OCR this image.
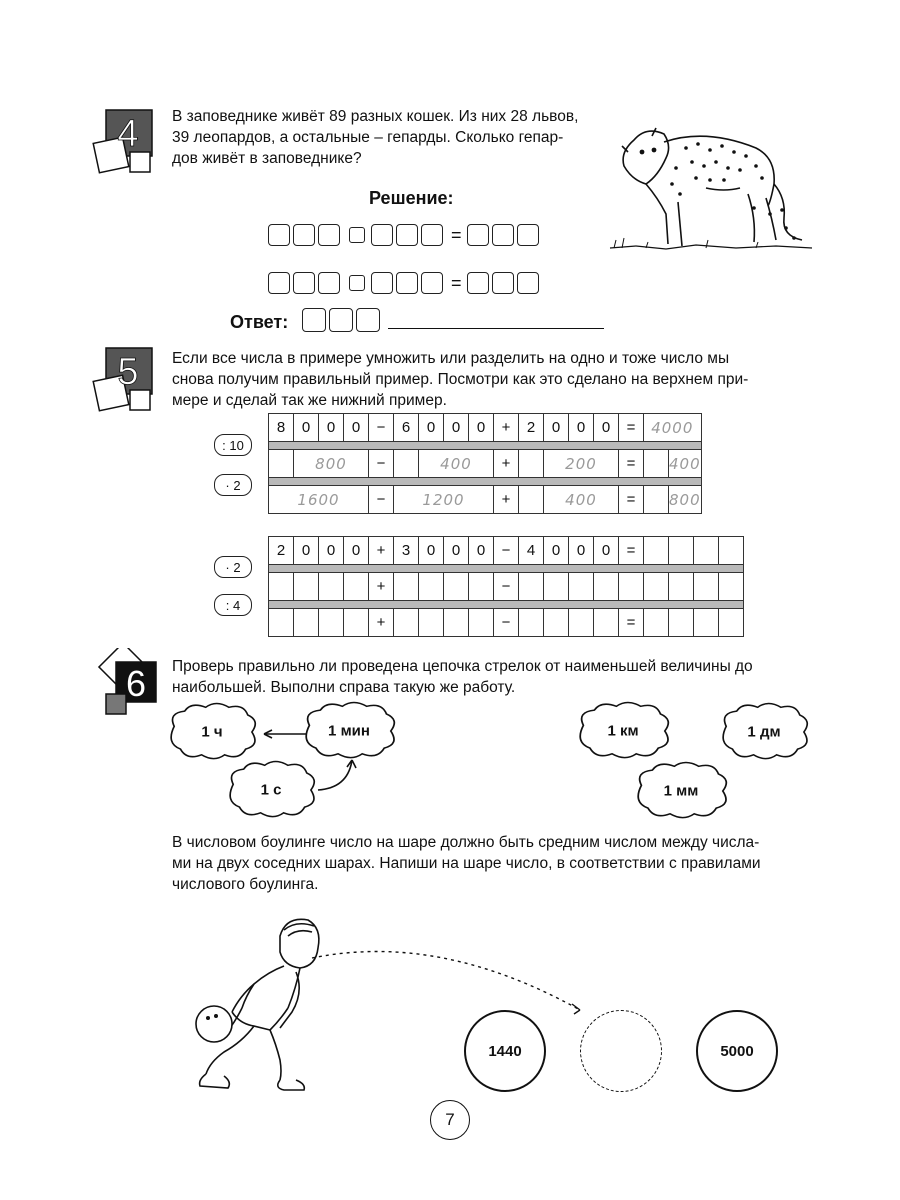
4 В заповеднике живёт 89 разных кошек. Из них 28 львов,
39 леопардов, а остальные – гепарды. Сколько гепар-
дов живёт в заповеднике?
Решение:
=
=
Ответ:
5 Если все числа в примере умножить или разделить на одно и тоже число мы
снова получим правильный пример. Посмотри как это сделано на верхнем при-
мере и сделай так же нижний пример.
: 10
· 2
8	0	0	0	−	6	0	0	0	+	2	0	0	0	=	4000	

	800			−		400			+		200			=		400

1600				−	1200				+		400			=		800
· 2
: 4
2	0	0	0	+	3	0	0	0	−	4	0	0	0	=				

				+					−									

				+					−					=				
6 Проверь правильно ли проведена цепочка стрелок от наименьшей величины до
наибольшей. Выполни справа такую же работу.
1 ч	1 мин
1 с
1 км	1 дм
1 мм
В числовом боулинге число на шаре должно быть средним числом между числа-
ми на двух соседних шарах. Напиши на шаре число, в соответствии с правилами
числового боулинга.
1440	5000
7
